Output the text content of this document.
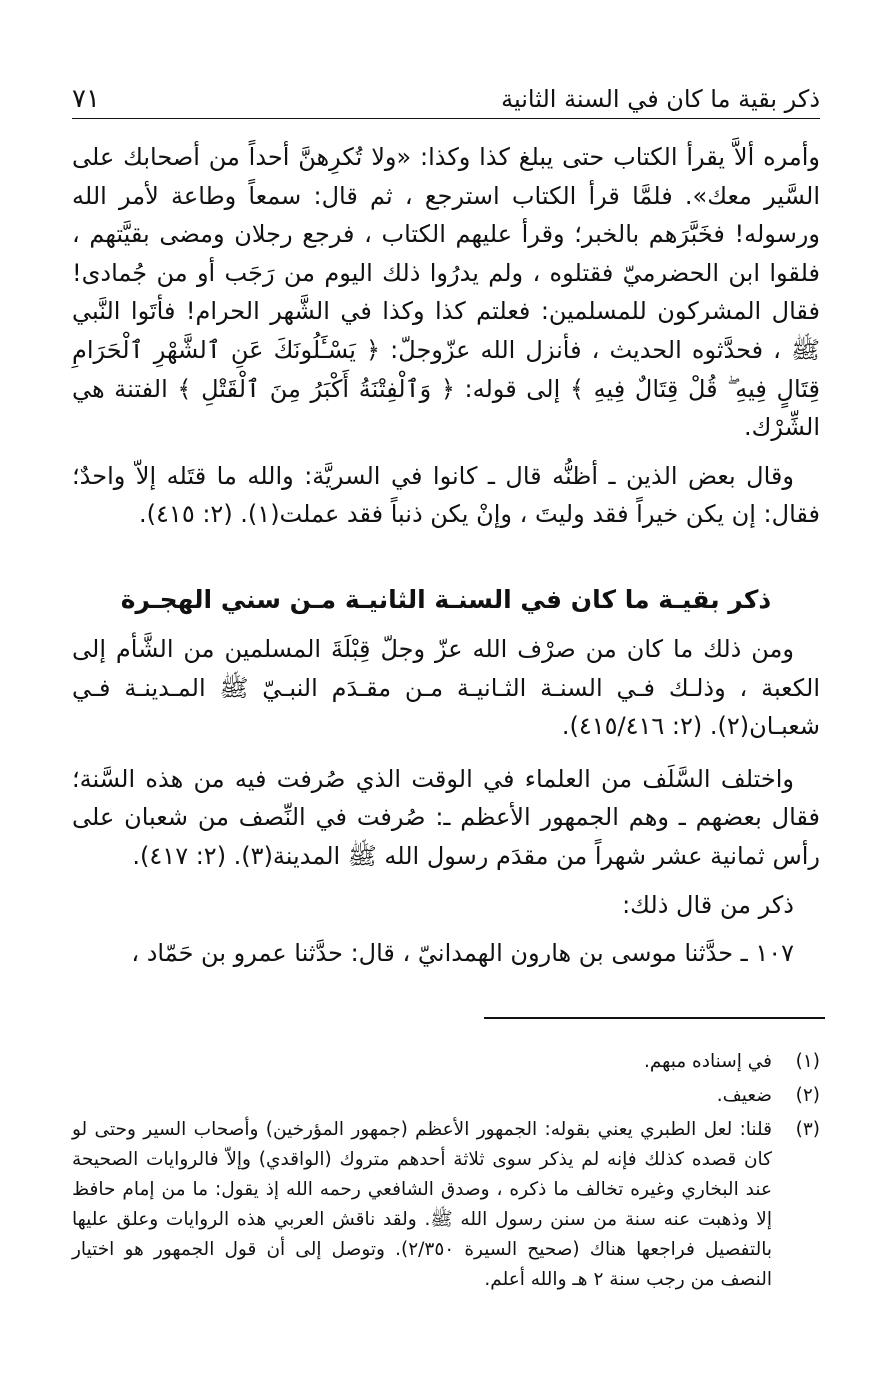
ذكر بقية ما كان في السنة الثانية
٧١

وأمره ألاَّ يقرأ الكتاب حتى يبلغ كذا وكذا: «ولا تُكرِهنَّ أحداً من أصحابك على السَّير معك». فلمَّا قرأ الكتاب استرجع ، ثم قال: سمعاً وطاعة لأمر الله ورسوله! فخَبَّرَهم بالخبر؛ وقرأ عليهم الكتاب ، فرجع رجلان ومضى بقيَّتهم ، فلقوا ابن الحضرميّ فقتلوه ، ولم يدرُوا ذلك اليوم من رَجَب أو من جُمادى! فقال المشركون للمسلمين: فعلتم كذا وكذا في الشَّهر الحرام! فأتَوا النَّبي ﷺ ، فحدَّثوه الحديث ، فأنزل الله عزّوجلّ: ﴿ يَسْـَٔلُونَكَ عَنِ ٱلشَّهْرِ ٱلْحَرَامِ قِتَالٍ فِيهِ ۖ قُلْ قِتَالٌ فِيهِ ﴾ إلى قوله: ﴿ وَٱلْفِتْنَةُ أَكْبَرُ مِنَ ٱلْقَتْلِ ﴾ الفتنة هي الشِّرْك.

وقال بعض الذين ـ أظنُّه قال ـ كانوا في السريَّة: والله ما قتَله إلاّ واحدٌ؛ فقال: إن يكن خيراً فقد وليتَ ، وإنْ يكن ذنباً فقد عملت(١). (٢: ٤١٥).

ذكر بقيـة ما كان في السنـة الثانيـة مـن سني الهجـرة

ومن ذلك ما كان من صرْف الله عزّ وجلّ قِبْلَةَ المسلمين من الشَّأم إلى الكعبة ، وذلـك فـي السنـة الثـانيـة مـن مقـدَم النبـيّ ﷺ المـدينـة فـي شعبـان(٢). (٢: ٤١٥/٤١٦).

واختلف السَّلَف من العلماء في الوقت الذي صُرفت فيه من هذه السَّنة؛ فقال بعضهم ـ وهم الجمهور الأعظم ـ: صُرفت في النِّصف من شعبان على رأس ثمانية عشر شهراً من مقدَم رسول الله ﷺ المدينة(٣). (٢: ٤١٧).

ذكر من قال ذلك:

١٠٧ ـ حدَّثنا موسى بن هارون الهمدانيّ ، قال: حدَّثنا عمرو بن حَمّاد ،

(١)
في إسناده مبهم.
(٢)
ضعيف.
(٣)
قلنا: لعل الطبري يعني بقوله: الجمهور الأعظم (جمهور المؤرخين) وأصحاب السير وحتى لو كان قصده كذلك فإنه لم يذكر سوى ثلاثة أحدهم متروك (الواقدي) وإلاّ فالروايات الصحيحة عند البخاري وغيره تخالف ما ذكره ، وصدق الشافعي رحمه الله إذ يقول: ما من إمام حافظ إلا وذهبت عنه سنة من سنن رسول الله ﷺ. ولقد ناقش العربي هذه الروايات وعلق عليها بالتفصيل فراجعها هناك (صحيح السيرة ٢/٣٥٠). وتوصل إلى أن قول الجمهور هو اختيار النصف من رجب سنة ٢ هـ والله أعلم.
